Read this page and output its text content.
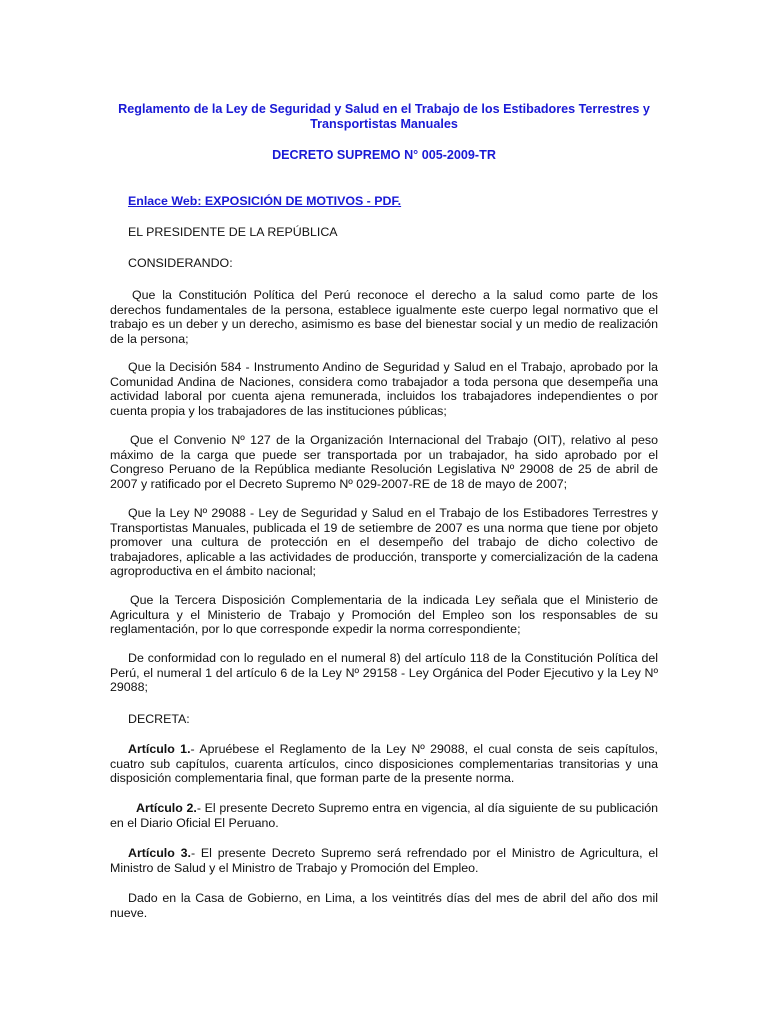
Reglamento de la Ley de Seguridad y Salud en el Trabajo de los Estibadores Terrestres y Transportistas Manuales
DECRETO SUPREMO N° 005-2009-TR
Enlace Web: EXPOSICIÓN DE MOTIVOS - PDF.
EL PRESIDENTE DE LA REPÚBLICA
CONSIDERANDO:
Que la Constitución Política del Perú reconoce el derecho a la salud como parte de los derechos fundamentales de la persona, establece igualmente este cuerpo legal normativo que el trabajo es un deber y un derecho, asimismo es base del bienestar social y un medio de realización de la persona;
Que la Decisión 584 - Instrumento Andino de Seguridad y Salud en el Trabajo, aprobado por la Comunidad Andina de Naciones, considera como trabajador a toda persona que desempeña una actividad laboral por cuenta ajena remunerada, incluidos los trabajadores independientes o por cuenta propia y los trabajadores de las instituciones públicas;
Que el Convenio Nº 127 de la Organización Internacional del Trabajo (OIT), relativo al peso máximo de la carga que puede ser transportada por un trabajador, ha sido aprobado por el Congreso Peruano de la República mediante Resolución Legislativa Nº 29008 de 25 de abril de 2007 y ratificado por el Decreto Supremo Nº 029-2007-RE de 18 de mayo de 2007;
Que la Ley Nº 29088 - Ley de Seguridad y Salud en el Trabajo de los Estibadores Terrestres y Transportistas Manuales, publicada el 19 de setiembre de 2007 es una norma que tiene por objeto promover una cultura de protección en el desempeño del trabajo de dicho colectivo de trabajadores, aplicable a las actividades de producción, transporte y comercialización de la cadena agroproductiva en el ámbito nacional;
Que la Tercera Disposición Complementaria de la indicada Ley señala que el Ministerio de Agricultura y el Ministerio de Trabajo y Promoción del Empleo son los responsables de su reglamentación, por lo que corresponde expedir la norma correspondiente;
De conformidad con lo regulado en el numeral 8) del artículo 118 de la Constitución Política del Perú, el numeral 1 del artículo 6 de la Ley Nº 29158 - Ley Orgánica del Poder Ejecutivo y la Ley Nº 29088;
DECRETA:
Artículo 1.- Apruébese el Reglamento de la Ley Nº 29088, el cual consta de seis capítulos, cuatro sub capítulos, cuarenta artículos, cinco disposiciones complementarias transitorias y una disposición complementaria final, que forman parte de la presente norma.
Artículo 2.- El presente Decreto Supremo entra en vigencia, al día siguiente de su publicación en el Diario Oficial El Peruano.
Artículo 3.- El presente Decreto Supremo será refrendado por el Ministro de Agricultura, el Ministro de Salud y el Ministro de Trabajo y Promoción del Empleo.
Dado en la Casa de Gobierno, en Lima, a los veintitrés días del mes de abril del año dos mil nueve.
